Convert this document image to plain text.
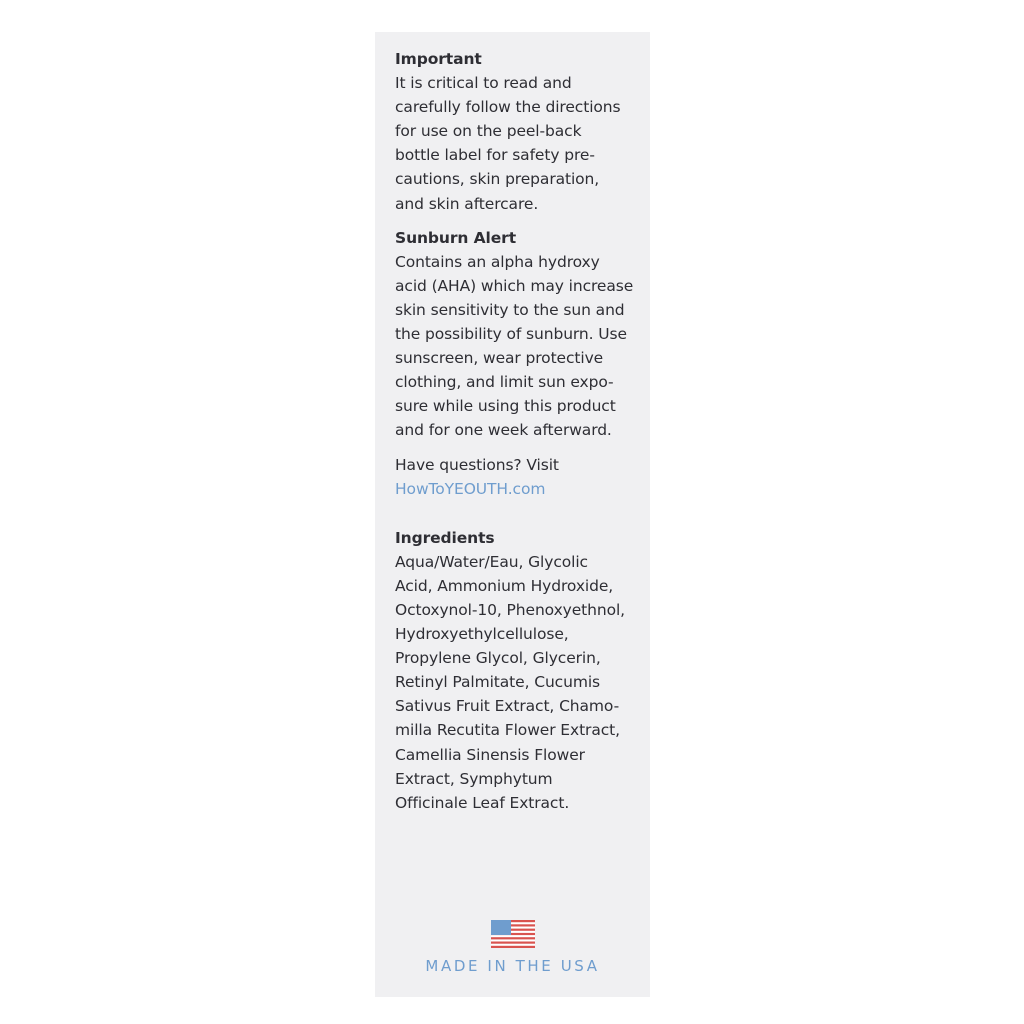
Important
It is critical to read and
carefully follow the directions
for use on the peel-back
bottle label for safety pre-
cautions, skin preparation,
and skin aftercare.
Sunburn Alert
Contains an alpha hydroxy
acid (AHA) which may increase
skin sensitivity to the sun and
the possibility of sunburn. Use
sunscreen, wear protective
clothing, and limit sun expo-
sure while using this product
and for one week afterward.
Have questions? Visit
HowToYEOUTH.com
Ingredients
Aqua/Water/Eau, Glycolic
Acid, Ammonium Hydroxide,
Octoxynol-10, Phenoxyethnol,
Hydroxyethylcellulose,
Propylene Glycol, Glycerin,
Retinyl Palmitate, Cucumis
Sativus Fruit Extract, Chamo-
milla Recutita Flower Extract,
Camellia Sinensis Flower
Extract, Symphytum
Officinale Leaf Extract.
MADE IN THE USA
